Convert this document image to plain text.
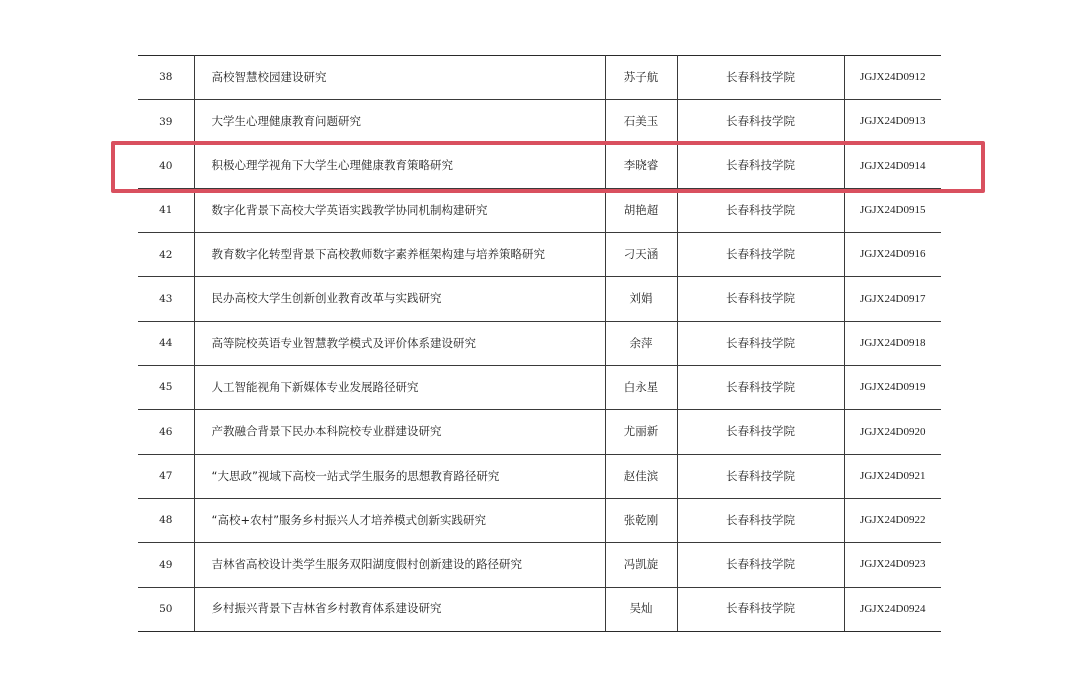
38	高校智慧校园建设研究	苏子航	长春科技学院	JGJX24D0912
39	大学生心理健康教育问题研究	石美玉	长春科技学院	JGJX24D0913
40	积极心理学视角下大学生心理健康教育策略研究	李晓睿	长春科技学院	JGJX24D0914
41	数字化背景下高校大学英语实践教学协同机制构建研究	胡艳超	长春科技学院	JGJX24D0915
42	教育数字化转型背景下高校教师数字素养框架构建与培养策略研究	刁天涵	长春科技学院	JGJX24D0916
43	民办高校大学生创新创业教育改革与实践研究	刘娟	长春科技学院	JGJX24D0917
44	高等院校英语专业智慧教学模式及评价体系建设研究	余萍	长春科技学院	JGJX24D0918
45	人工智能视角下新媒体专业发展路径研究	白永星	长春科技学院	JGJX24D0919
46	产教融合背景下民办本科院校专业群建设研究	尤丽新	长春科技学院	JGJX24D0920
47	“大思政”视域下高校一站式学生服务的思想教育路径研究	赵佳滨	长春科技学院	JGJX24D0921
48	“高校+农村”服务乡村振兴人才培养模式创新实践研究	张乾刚	长春科技学院	JGJX24D0922
49	吉林省高校设计类学生服务双阳湖度假村创新建设的路径研究	冯凯旋	长春科技学院	JGJX24D0923
50	乡村振兴背景下吉林省乡村教育体系建设研究	吴灿	长春科技学院	JGJX24D0924
